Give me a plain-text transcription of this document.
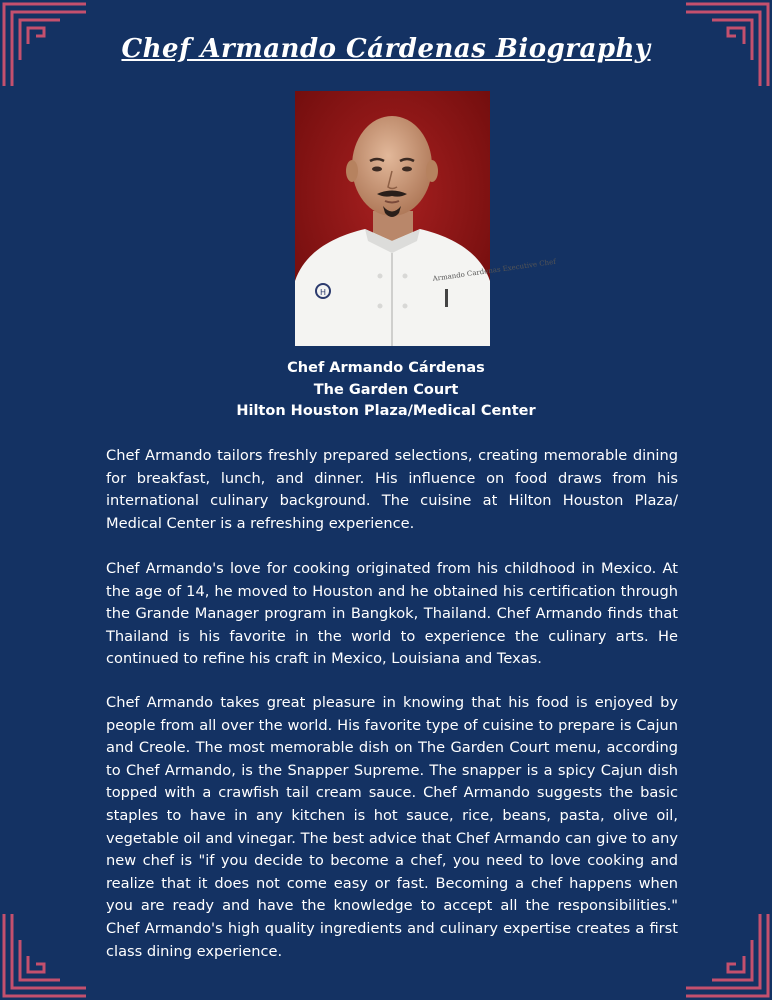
Chef Armando Cárdenas Biography
H
Armando Cardenas Executive Chef
Chef Armando Cárdenas
The Garden Court
Hilton Houston Plaza/Medical Center

Chef Armando tailors freshly prepared selections, creating memorable dining for breakfast, lunch, and dinner. His influence on food draws from his international culinary background. The cuisine at Hilton Houston Plaza/ Medical Center is a refreshing experience.

Chef Armando's love for cooking originated from his childhood in Mexico. At the age of 14, he moved to Houston and he obtained his certification through the Grande Manager program in Bangkok, Thailand. Chef Armando finds that Thailand is his favorite in the world to experience the culinary arts. He continued to refine his craft in Mexico, Louisiana and Texas.

Chef Armando takes great pleasure in knowing that his food is enjoyed by people from all over the world. His favorite type of cuisine to prepare is Cajun and Creole. The most memorable dish on The Garden Court menu, according to Chef Armando, is the Snapper Supreme. The snapper is a spicy Cajun dish topped with a crawfish tail cream sauce. Chef Armando suggests the basic staples to have in any kitchen is hot sauce, rice, beans, pasta, olive oil, vegetable oil and vinegar. The best advice that Chef Armando can give to any new chef is "if you decide to become a chef, you need to love cooking and realize that it does not come easy or fast. Becoming a chef happens when you are ready and have the knowledge to accept all the responsibilities." Chef Armando's high quality ingredients and culinary expertise creates a first class dining experience.
